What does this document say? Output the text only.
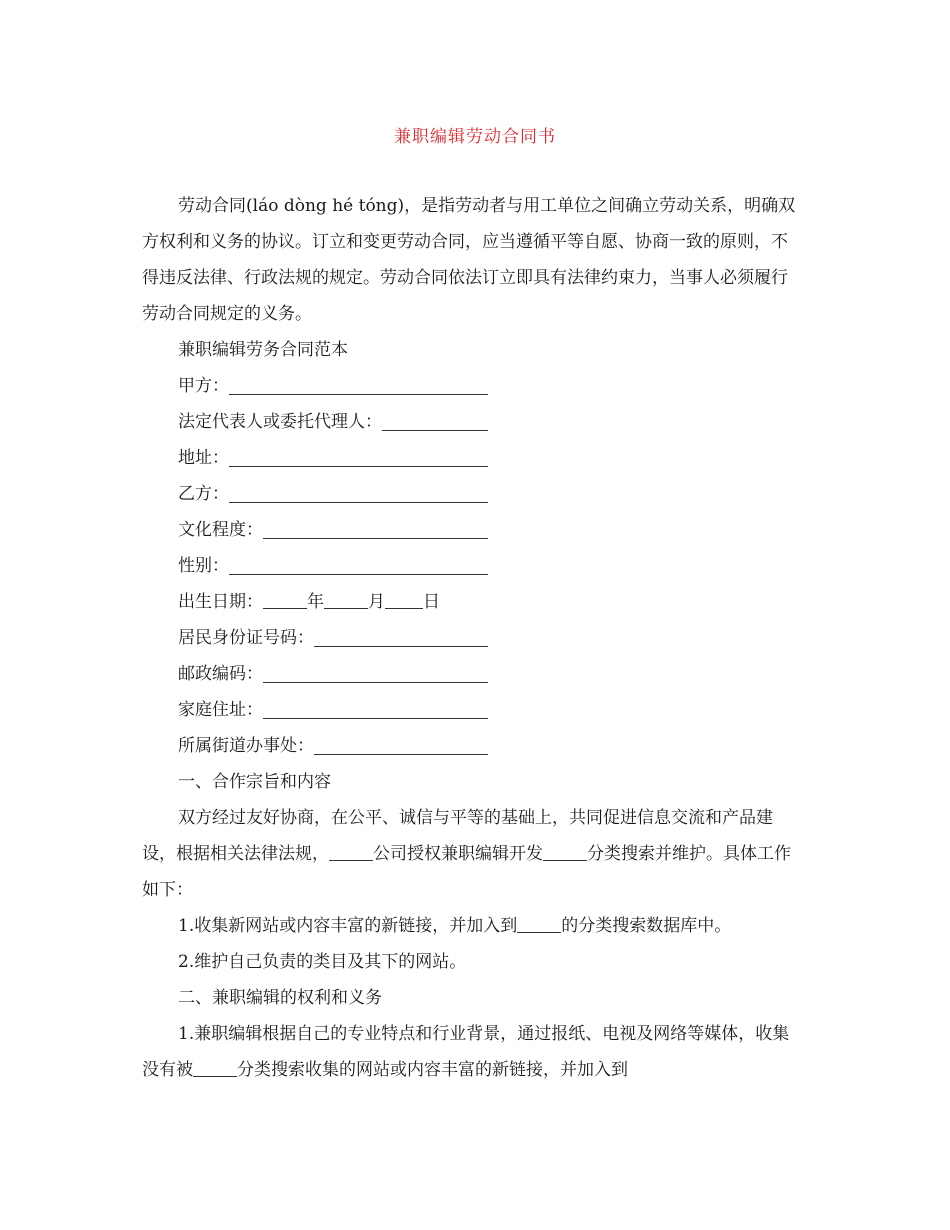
兼职编辑劳动合同书

劳动合同(láo dòng hé tóng)，是指劳动者与用工单位之间确立劳动关系，明确双方权利和义务的协议。订立和变更劳动合同，应当遵循平等自愿、协商一致的原则，不得违反法律、行政法规的规定。劳动合同依法订立即具有法律约束力，当事人必须履行劳动合同规定的义务。

兼职编辑劳务合同范本

甲方：
法定代表人或委托代理人：
地址：
乙方：
文化程度：
性别：

出生日期：	年	月 日

居民身份证号码：
邮政编码：
家庭住址：
所属街道办事处：

一、合作宗旨和内容

双方经过友好协商，在公平、诚信与平等的基础上，共同促进信息交流和产品建设，根据相关法律法规，	公司授权兼职编辑开发	分类搜索并维护。具体工作如下：

1.收集新网站或内容丰富的新链接，并加入到	的分类搜索数据库中。

2.维护自己负责的类目及其下的网站。

二、兼职编辑的权利和义务

1.兼职编辑根据自己的专业特点和行业背景，通过报纸、电视及网络等媒体，收集没有被	分类搜索收集的网站或内容丰富的新链接，并加入到
